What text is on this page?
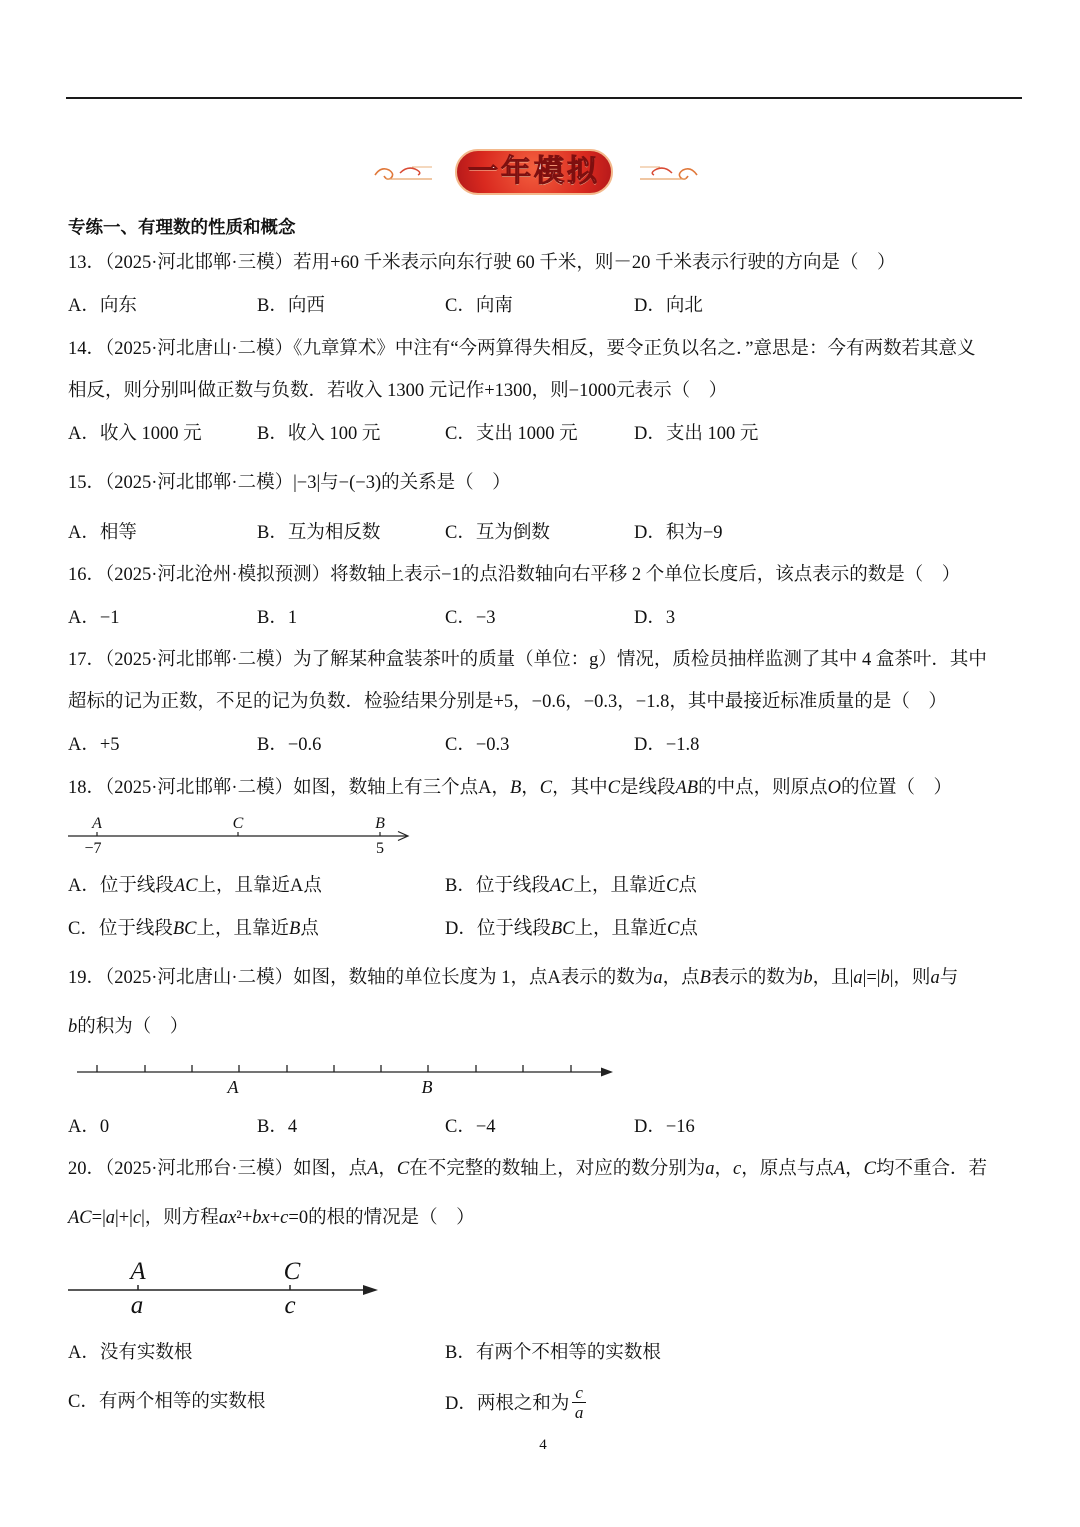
一年模拟
专练一、有理数的性质和概念
13．（2025·河北邯郸·三模）若用+60 千米表示向东行驶 60 千米，则－20 千米表示行驶的方向是（　）
A．向东	B．向西	C．向南	D．向北
14．（2025·河北唐山·二模）《九章算术》中注有“今两算得失相反，要令正负以名之．”意思是：今有两数若其意义
相反，则分别叫做正数与负数．若收入 1300 元记作+1300，则−1000元表示（　）
A．收入 1000 元	B．收入 100 元	C．支出 1000 元	D．支出 100 元
15．（2025·河北邯郸·二模）|−3|与−(−3)的关系是（　）
A．相等	B．互为相反数	C．互为倒数	D．积为−9
16．（2025·河北沧州·模拟预测）将数轴上表示−1的点沿数轴向右平移 2 个单位长度后，该点表示的数是（　）
A．−1	B．1	C．−3	D．3
17．（2025·河北邯郸·二模）为了解某种盒装茶叶的质量（单位：g）情况，质检员抽样监测了其中 4 盒茶叶．其中
超标的记为正数，不足的记为负数．检验结果分别是+5，−0.6，−0.3，−1.8，其中最接近标准质量的是（　）
A．+5	B．−0.6	C．−0.3	D．−1.8
18．（2025·河北邯郸·二模）如图，数轴上有三个点A，B，C，其中C是线段AB的中点，则原点O的位置（　）
A	C	B
−7	5
A．位于线段AC上，且靠近A点	B．位于线段AC上，且靠近C点
C．位于线段BC上，且靠近B点	D．位于线段BC上，且靠近C点
19．（2025·河北唐山·二模）如图，数轴的单位长度为 1，点A表示的数为a，点B表示的数为b，且|a|=|b|，则a与
b的积为（　）
A	B
A．0	B．4	C．−4	D．−16
20．（2025·河北邢台·三模）如图，点A，C在不完整的数轴上，对应的数分别为a，c，原点与点A，C均不重合．若
AC=|a|+|c|，则方程ax²+bx+c=0的根的情况是（　）
A	C
a	c
A．没有实数根	B．有两个不相等的实数根
C．有两个相等的实数根	D． 两根之和为 $\frac{c}{a}$
4
